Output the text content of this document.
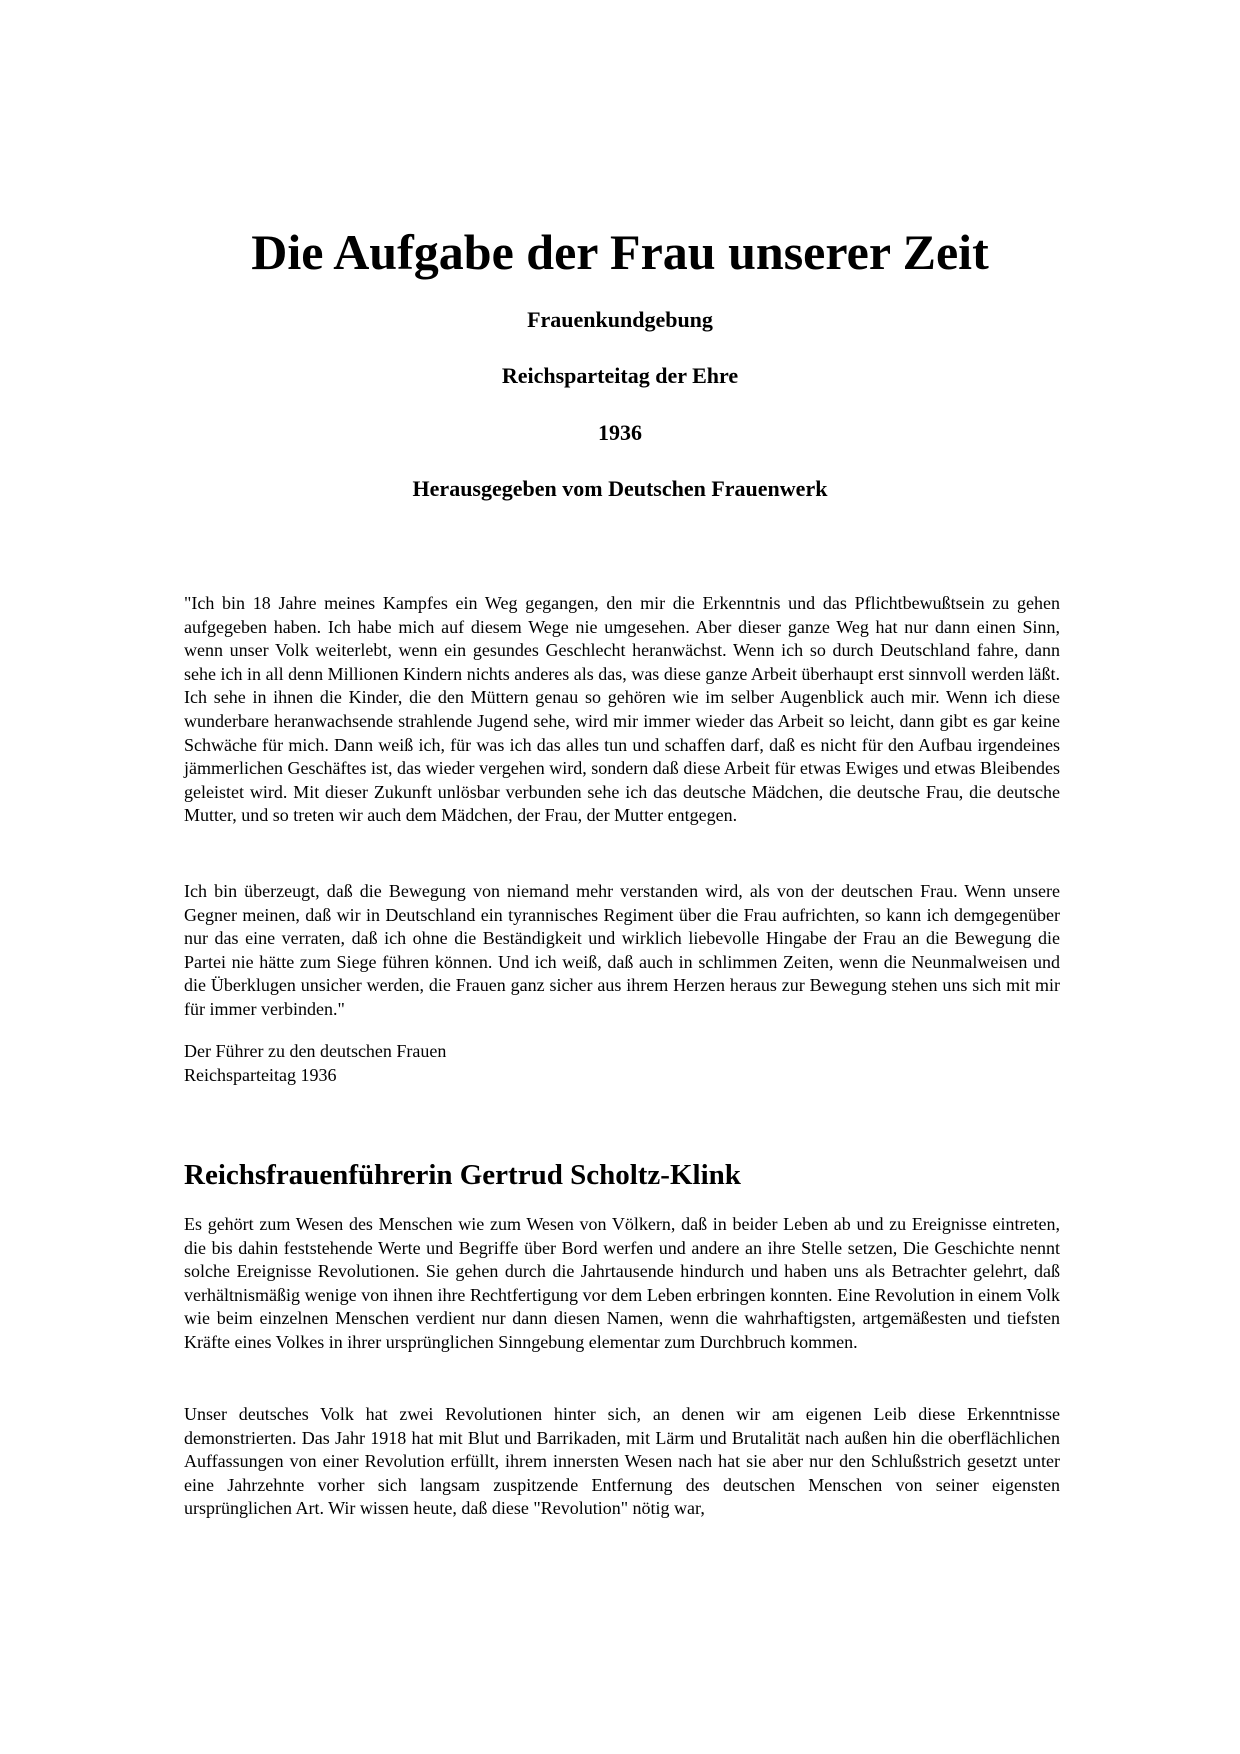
Die Aufgabe der Frau unserer Zeit

Frauenkundgebung

Reichsparteitag der Ehre

1936

Herausgegeben vom Deutschen Frauenwerk

"Ich bin 18 Jahre meines Kampfes ein Weg gegangen, den mir die Erkenntnis und das Pflichtbewußtsein zu gehen aufgegeben haben. Ich habe mich auf diesem Wege nie umgesehen. Aber dieser ganze Weg hat nur dann einen Sinn, wenn unser Volk weiterlebt, wenn ein gesundes Geschlecht heranwächst. Wenn ich so durch Deutschland fahre, dann sehe ich in all denn Millionen Kindern nichts anderes als das, was diese ganze Arbeit überhaupt erst sinnvoll werden läßt. Ich sehe in ihnen die Kinder, die den Müttern genau so gehören wie im selber Augenblick auch mir. Wenn ich diese wunderbare heranwachsende strahlende Jugend sehe, wird mir immer wieder das Arbeit so leicht, dann gibt es gar keine Schwäche für mich. Dann weiß ich, für was ich das alles tun und schaffen darf, daß es nicht für den Aufbau irgendeines jämmerlichen Geschäftes ist, das wieder vergehen wird, sondern daß diese Arbeit für etwas Ewiges und etwas Bleibendes geleistet wird. Mit dieser Zukunft unlösbar verbunden sehe ich das deutsche Mädchen, die deutsche Frau, die deutsche Mutter, und so treten wir auch dem Mädchen, der Frau, der Mutter entgegen.

Ich bin überzeugt, daß die Bewegung von niemand mehr verstanden wird, als von der deutschen Frau. Wenn unsere Gegner meinen, daß wir in Deutschland ein tyrannisches Regiment über die Frau aufrichten, so kann ich demgegenüber nur das eine verraten, daß ich ohne die Beständigkeit und wirklich liebevolle Hingabe der Frau an die Bewegung die Partei nie hätte zum Siege führen können. Und ich weiß, daß auch in schlimmen Zeiten, wenn die Neunmalweisen und die Überklugen unsicher werden, die Frauen ganz sicher aus ihrem Herzen heraus zur Bewegung stehen uns sich mit mir für immer verbinden."

Der Führer zu den deutschen Frauen
Reichsparteitag 1936

Reichsfrauenführerin Gertrud Scholtz-Klink

Es gehört zum Wesen des Menschen wie zum Wesen von Völkern, daß in beider Leben ab und zu Ereignisse eintreten, die bis dahin feststehende Werte und Begriffe über Bord werfen und andere an ihre Stelle setzen, Die Geschichte nennt solche Ereignisse Revolutionen. Sie gehen durch die Jahrtausende hindurch und haben uns als Betrachter gelehrt, daß verhältnismäßig wenige von ihnen ihre Rechtfertigung vor dem Leben erbringen konnten. Eine Revolution in einem Volk wie beim einzelnen Menschen verdient nur dann diesen Namen, wenn die wahrhaftigsten, artgemäßesten und tiefsten Kräfte eines Volkes in ihrer ursprünglichen Sinngebung elementar zum Durchbruch kommen.

Unser deutsches Volk hat zwei Revolutionen hinter sich, an denen wir am eigenen Leib diese Erkenntnisse demonstrierten. Das Jahr 1918 hat mit Blut und Barrikaden, mit Lärm und Brutalität nach außen hin die oberflächlichen Auffassungen von einer Revolution erfüllt, ihrem innersten Wesen nach hat sie aber nur den Schlußstrich gesetzt unter eine Jahrzehnte vorher sich langsam zuspitzende Entfernung des deutschen Menschen von seiner eigensten ursprünglichen Art. Wir wissen heute, daß diese "Revolution" nötig war,
